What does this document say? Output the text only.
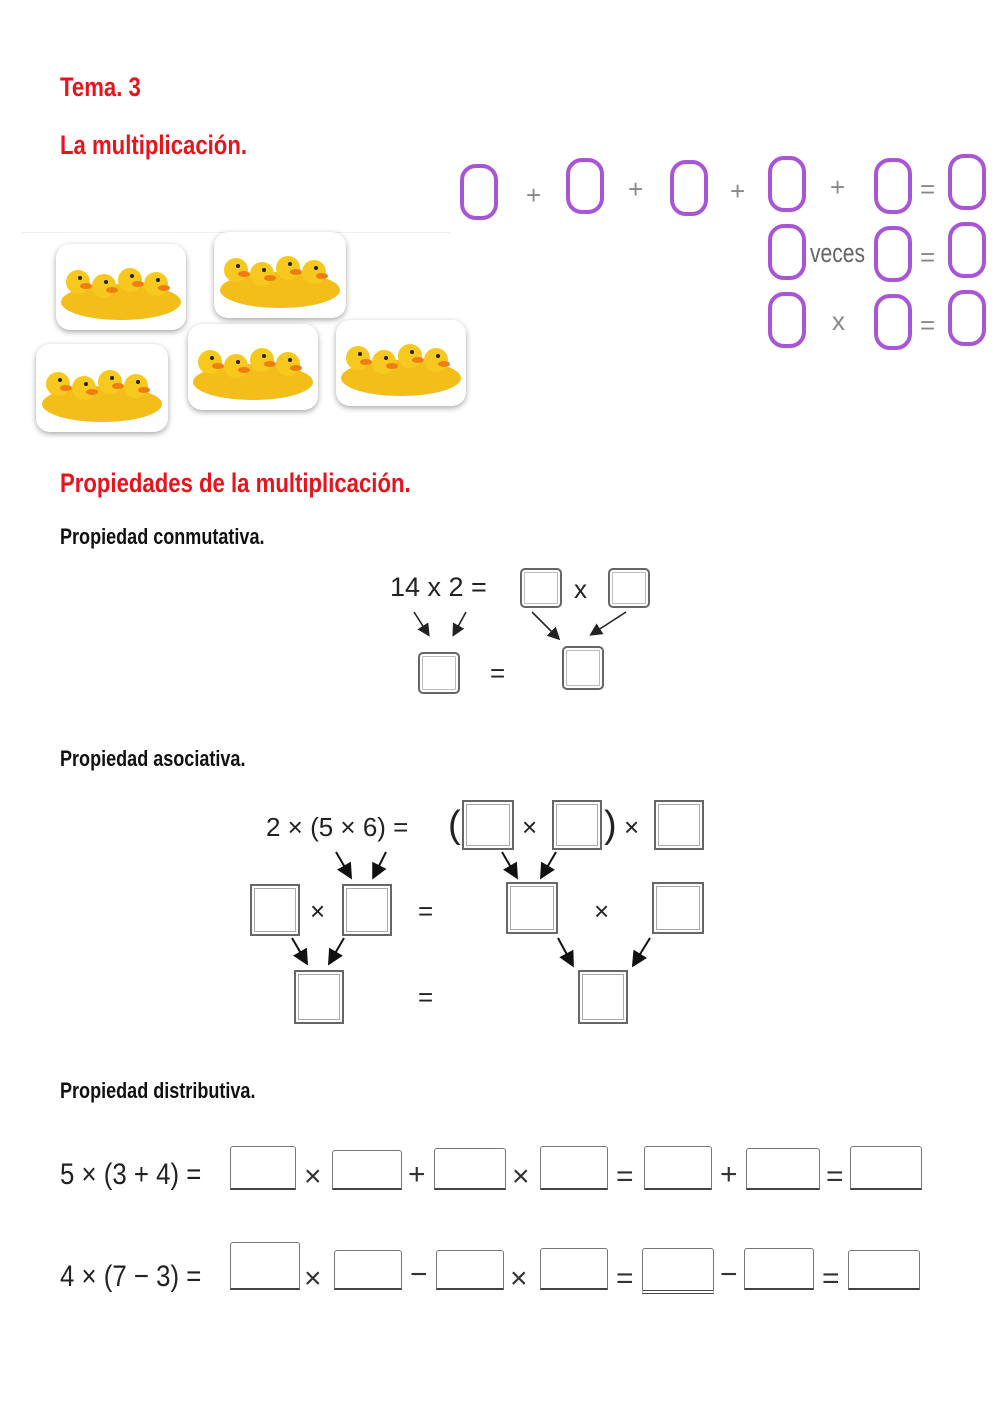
Tema. 3
La multiplicación.
+	+	+	+	=
veces =
x	=
Propiedades de la multiplicación.
Propiedad conmutativa.
14 x 2 =	x
=
Propiedad asociativa.
2 × (5 × 6) = ( × ) ×
×	=	×
=
Propiedad distributiva.
5 × (3 + 4) =	×	+	×	=	+	=
4 × (7 − 3) =	×	−	×	=	−	=
